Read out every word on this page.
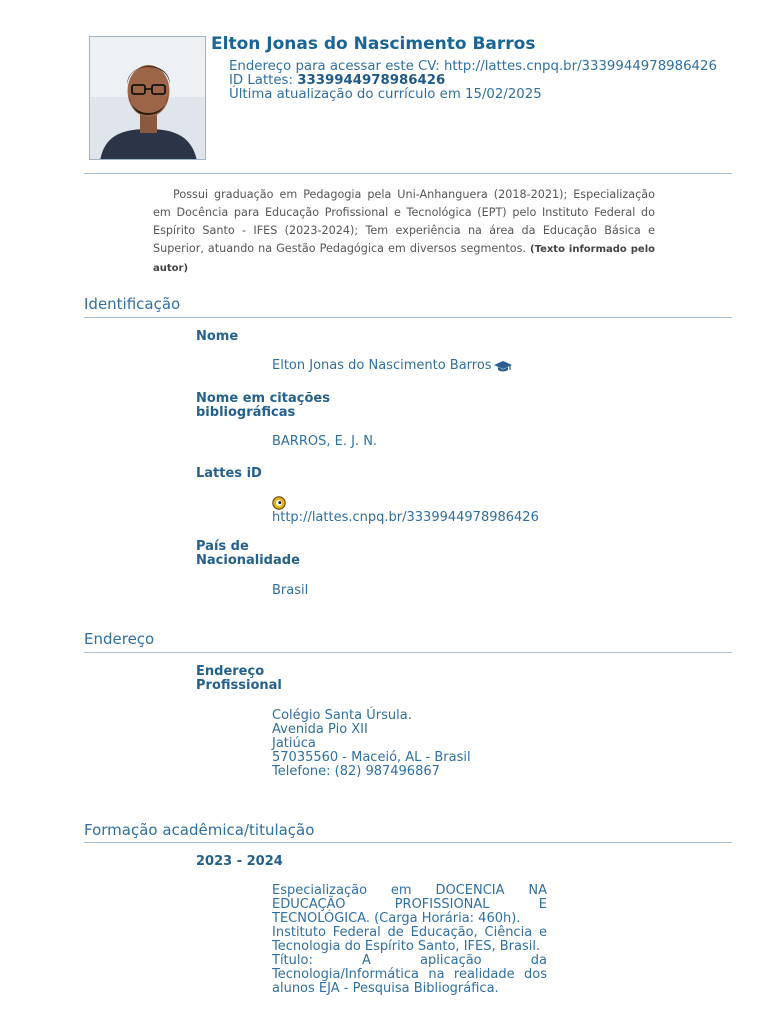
Elton Jonas do Nascimento Barros
Endereço para acessar este CV: http://lattes.cnpq.br/3339944978986426
ID Lattes: 3339944978986426
Última atualização do currículo em 15/02/2025

Possui graduação em Pedagogia pela Uni-Anhanguera (2018-2021); Especialização em Docência para Educação Profissional e Tecnológica (EPT) pelo Instituto Federal do Espírito Santo - IFES (2023-2024); Tem experiência na área da Educação Básica e Superior, atuando na Gestão Pedagógica em diversos segmentos. (Texto informado pelo autor)

Identificação
Nome
Elton Jonas do Nascimento Barros
Nome em citações bibliográficas
BARROS, E. J. N.
Lattes iD
http://lattes.cnpq.br/3339944978986426
País de Nacionalidade
Brasil
Endereço
Endereço Profissional
Colégio Santa Úrsula.
Avenida Pio XII
Jatiúca
57035560 - Maceió, AL - Brasil
Telefone: (82) 987496867
Formação acadêmica/titulação
2023 - 2024
Especialização em DOCENCIA NA EDUCAÇÃO PROFISSIONAL E TECNOLÓGICA. (Carga Horária: 460h).
Instituto Federal de Educação, Ciência e Tecnologia do Espírito Santo, IFES, Brasil.
Título: A aplicação da Tecnologia/Informática na realidade dos alunos EJA - Pesquisa Bibliográfica.
